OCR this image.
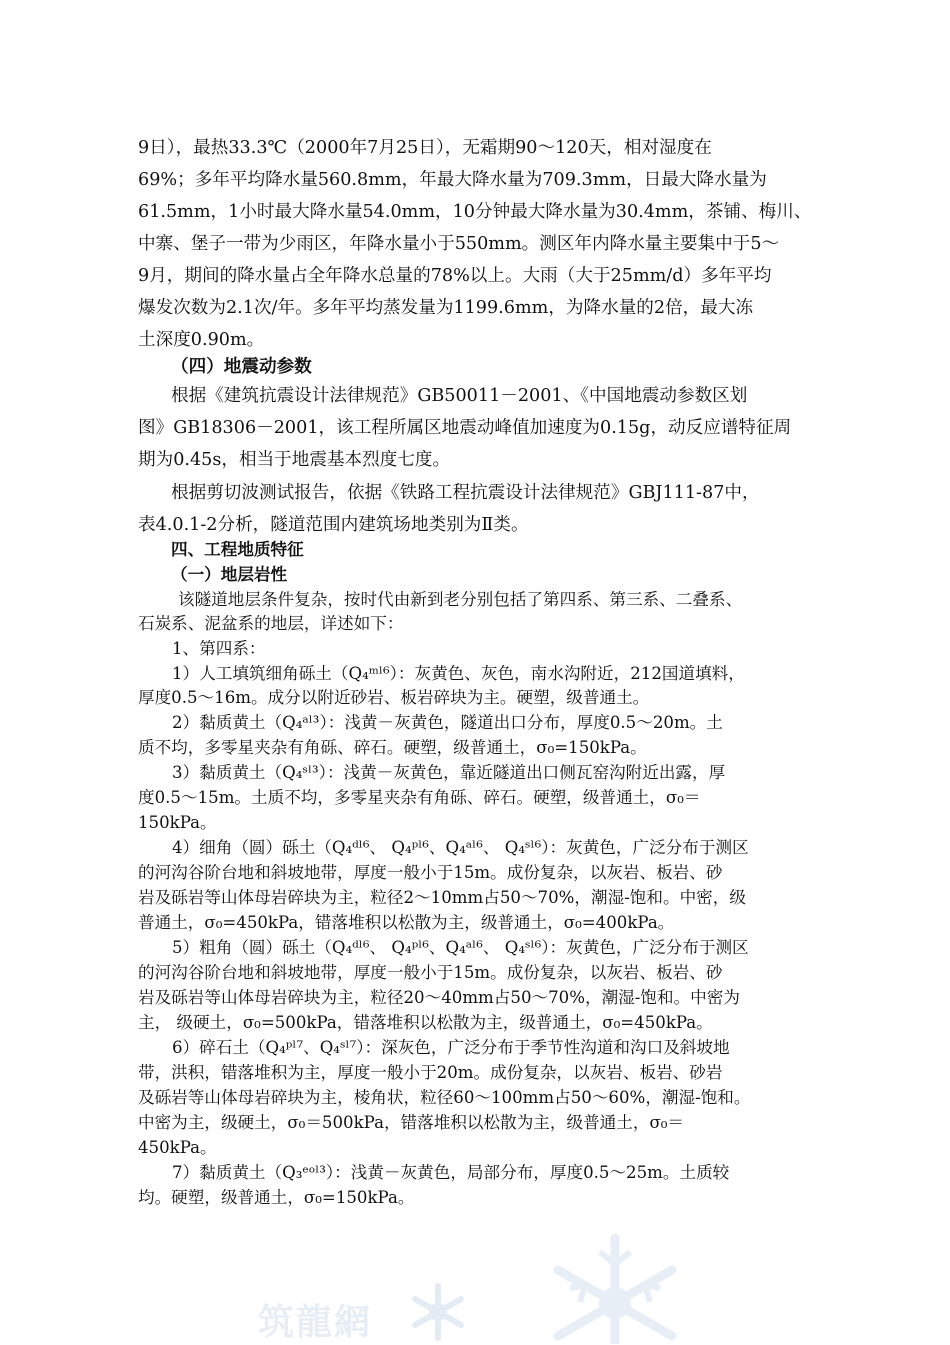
9日），最热33.3℃（2000年7月25日），无霜期90～120天，相对湿度在
69%；多年平均降水量560.8mm，年最大降水量为709.3mm，日最大降水量为
61.5mm，1小时最大降水量54.0mm，10分钟最大降水量为30.4mm，茶铺、梅川、
中寨、堡子一带为少雨区，年降水量小于550mm。测区年内降水量主要集中于5～
9月，期间的降水量占全年降水总量的78%以上。大雨（大于25mm/d）多年平均
爆发次数为2.1次/年。多年平均蒸发量为1199.6mm，为降水量的2倍，最大冻
土深度0.90m。
（四）地震动参数
根据《建筑抗震设计法律规范》GB50011－2001、《中国地震动参数区划
图》GB18306－2001，该工程所属区地震动峰值加速度为0.15g，动反应谱特征周
期为0.45s，相当于地震基本烈度七度。
根据剪切波测试报告，依据《铁路工程抗震设计法律规范》GBJ111-87中，
表4.0.1-2分析，隧道范围内建筑场地类别为Ⅱ类。
四、工程地质特征
（一）地层岩性
该隧道地层条件复杂，按时代由新到老分别包括了第四系、第三系、二叠系、
石炭系、泥盆系的地层，详述如下：
1、第四系：
1）人工填筑细角砾土（Q₄ᵐˡ⁶）：灰黄色、灰色，南水沟附近，212国道填料，
厚度0.5～16m。成分以附近砂岩、板岩碎块为主。硬塑，级普通土。
2）黏质黄土（Q₄ᵃˡ³）：浅黄－灰黄色，隧道出口分布，厚度0.5～20m。土
质不均，多零星夹杂有角砾、碎石。硬塑，级普通土，σ₀=150kPa。
3）黏质黄土（Q₄ˢˡ³）：浅黄－灰黄色，靠近隧道出口侧瓦窑沟附近出露，厚
度0.5～15m。土质不均，多零星夹杂有角砾、碎石。硬塑，级普通土，σ₀＝
150kPa。
4）细角（圆）砾土（Q₄ᵈˡ⁶、 Q₄ᵖˡ⁶、Q₄ᵃˡ⁶、 Q₄ˢˡ⁶）：灰黄色，广泛分布于测区
的河沟谷阶台地和斜坡地带，厚度一般小于15m。成份复杂，以灰岩、板岩、砂
岩及砾岩等山体母岩碎块为主，粒径2～10mm占50～70%，潮湿-饱和。中密，级
普通土，σ₀=450kPa，错落堆积以松散为主，级普通土，σ₀=400kPa。
5）粗角（圆）砾土（Q₄ᵈˡ⁶、 Q₄ᵖˡ⁶、Q₄ᵃˡ⁶、 Q₄ˢˡ⁶）：灰黄色，广泛分布于测区
的河沟谷阶台地和斜坡地带，厚度一般小于15m。成份复杂，以灰岩、板岩、砂
岩及砾岩等山体母岩碎块为主，粒径20～40mm占50～70%，潮湿-饱和。中密为
主， 级硬土，σ₀=500kPa，错落堆积以松散为主，级普通土，σ₀=450kPa。
6）碎石土（Q₄ᵖˡ⁷、Q₄ˢˡ⁷）：深灰色，广泛分布于季节性沟道和沟口及斜坡地
带，洪积，错落堆积为主，厚度一般小于20m。成份复杂，以灰岩、板岩、砂岩
及砾岩等山体母岩碎块为主，棱角状，粒径60～100mm占50～60%，潮湿-饱和。
中密为主，级硬土，σ₀＝500kPa，错落堆积以松散为主，级普通土，σ₀＝
450kPa。
7）黏质黄土（Q₃ᵉᵒˡ³）：浅黄－灰黄色，局部分布，厚度0.5～25m。土质较
均。硬塑，级普通土，σ₀=150kPa。
筑龍網
